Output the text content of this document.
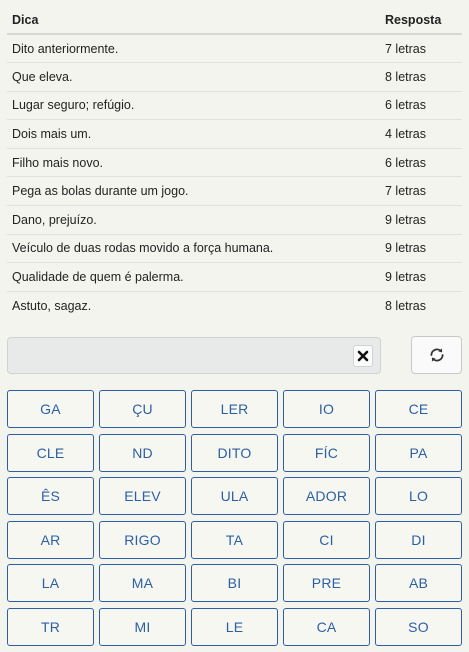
Dica	Resposta
Dito anteriormente.	7 letras
Que eleva.	8 letras
Lugar seguro; refúgio.	6 letras
Dois mais um.	4 letras
Filho mais novo.	6 letras
Pega as bolas durante um jogo.	7 letras
Dano, prejuízo.	9 letras
Veículo de duas rodas movido a força humana.	9 letras
Qualidade de quem é palerma.	9 letras
Astuto, sagaz.	8 letras
GA	ÇU	LER	IO	CE
CLE	ND	DITO	FÍC	PA
ÊS	ELEV	ULA	ADOR	LO
AR	RIGO	TA	CI	DI
LA	MA	BI	PRE	AB
TR	MI	LE	CA	SO
